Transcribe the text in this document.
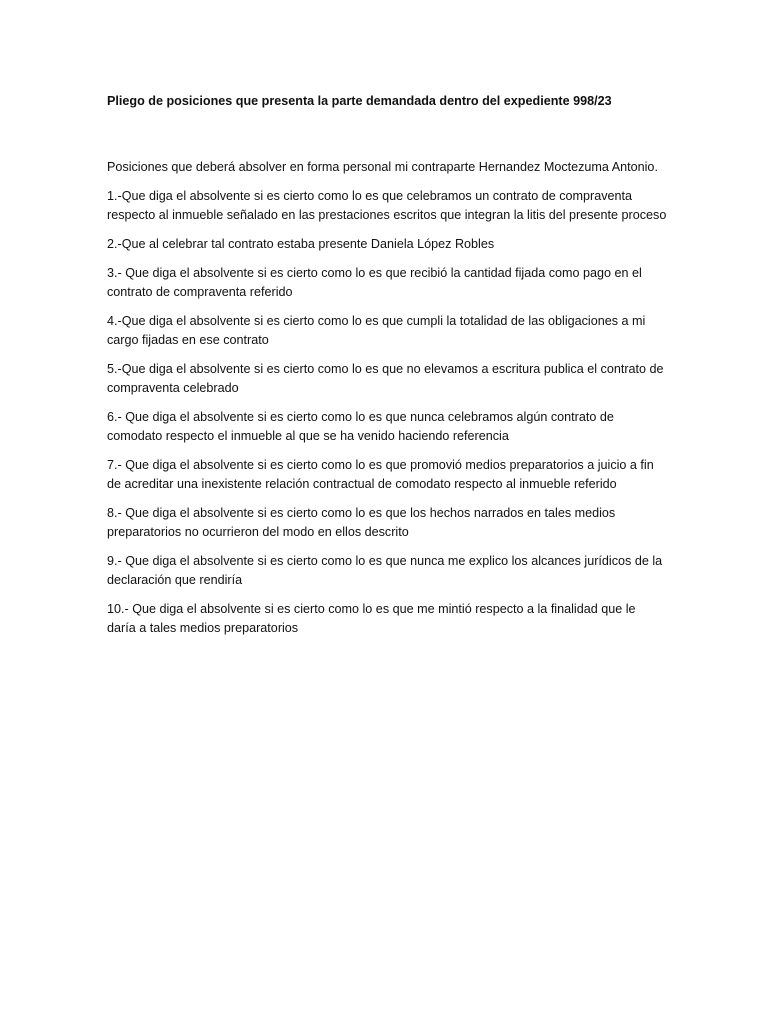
Pliego de posiciones que presenta la parte demandada dentro del expediente 998/23

Posiciones que deberá absolver en forma personal mi contraparte Hernandez Moctezuma Antonio.

1.-Que diga el absolvente si es cierto como lo es que celebramos un contrato de compraventa respecto al inmueble señalado en las prestaciones escritos que integran la litis del presente proceso

2.-Que al celebrar tal contrato estaba presente Daniela López Robles

3.- Que diga el absolvente si es cierto como lo es que recibió la cantidad fijada como pago en el contrato de compraventa referido

4.-Que diga el absolvente si es cierto como lo es que cumpli la totalidad de las obligaciones a mi cargo fijadas en ese contrato

5.-Que diga el absolvente si es cierto como lo es que no elevamos a escritura publica el contrato de compraventa celebrado

6.- Que diga el absolvente si es cierto como lo es que nunca celebramos algún contrato de comodato respecto el inmueble al que se ha venido haciendo referencia

7.- Que diga el absolvente si es cierto como lo es que promovió medios preparatorios a juicio a fin de acreditar una inexistente relación contractual de comodato respecto al inmueble referido

8.- Que diga el absolvente si es cierto como lo es que los hechos narrados en tales medios preparatorios no ocurrieron del modo en ellos descrito

9.- Que diga el absolvente si es cierto como lo es que nunca me explico los alcances jurídicos de la declaración que rendiría

10.- Que diga el absolvente si es cierto como lo es que me mintió respecto a la finalidad que le daría a tales medios preparatorios
